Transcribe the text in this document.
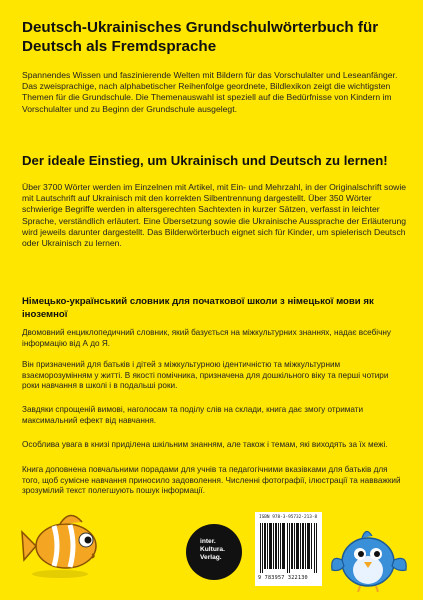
Deutsch-Ukrainisches Grundschulwörterbuch für Deutsch als Fremdsprache
Spannendes Wissen und faszinierende Welten mit Bildern für das Vorschulalter und Leseanfänger. Das zweisprachige, nach alphabetischer Reihenfolge geordnete, Bildlexikon zeigt die wichtigsten Themen für die Grundschule. Die Themenauswahl ist speziell auf die Bedürfnisse von Kindern im Vorschulalter und zu Beginn der Grundschule ausgelegt.
Der ideale Einstieg, um Ukrainisch und Deutsch zu lernen!
Über 3700 Wörter werden im Einzelnen mit Artikel, mit Ein- und Mehrzahl, in der Originalschrift sowie mit Lautschrift auf Ukrainisch mit den korrekten Silbentrennung dargestellt. Über 350 Wörter schwierige Begriffe werden in altersgerechten Sachtexten in kurzer Sätzen, verfasst in leichter Sprache, verständlich erläutert. Eine Übersetzung sowie die Ukrainische Aussprache der Erläuterung wird jeweils darunter dargestellt. Das Bilderwörterbuch eignet sich für Kinder, um spielerisch Deutsch oder Ukrainisch zu lernen.
Німецько-український словник для початкової школи з німецької мови як іноземної
Двомовний енциклопедичний словник, який базується на міжкультурних знаннях, надає всебічну інформацію від А до Я.
Він призначений для батьків і дітей з міжкультурною ідентичністю та міжкультурним взаєморозумінням у житті. В якості помічника, призначена для дошкільного віку та перші чотири роки навчання в школі і в подальші роки.
Завдяки спрощеній вимові, наголосам та поділу слів на склади, книга дає змогу отримати максимальний ефект від навчання.
Особлива увага в книзі приділена шкільним знанням, але також і темам, які виходять за їх межі.
Книга доповнена повчальними порадами для учнів та педагогічними вказівками для батьків для того, щоб сумісне навчання приносило задоволення. Численні фотографії, ілюстрації та навважкий зрозумілий текст полегшують пошук інформації.
inter.
Kultura.
Verlag.
ISBN 978-3-95732-213-8
9 783957 322130
